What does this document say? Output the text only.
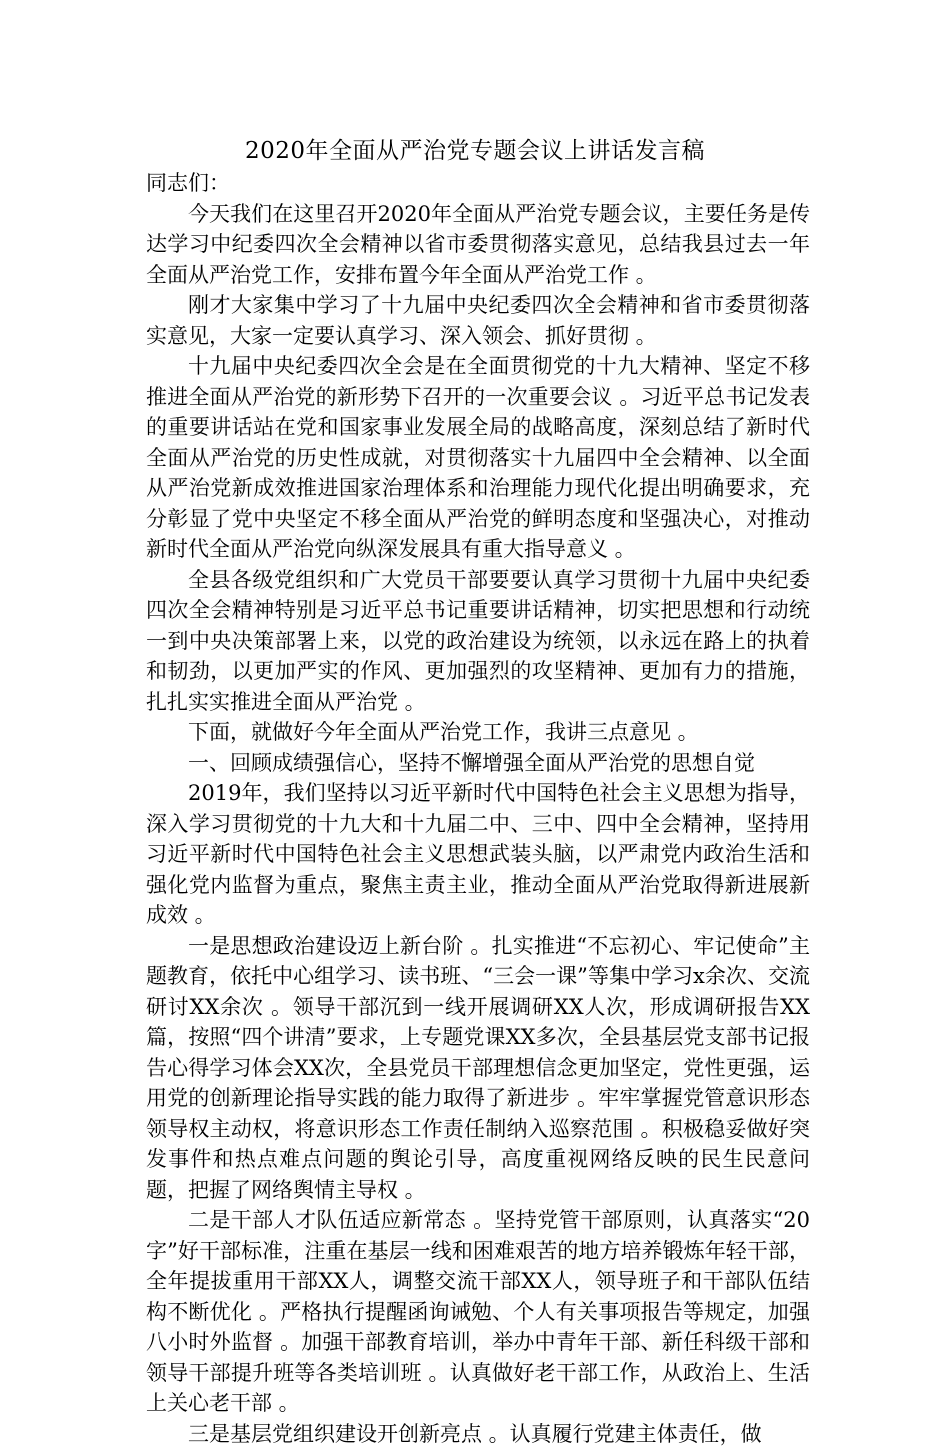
2020年全面从严治党专题会议上讲话发言稿

同志们：

今天我们在这里召开2020年全面从严治党专题会议，主要任务是传达学习中纪委四次全会精神以省市委贯彻落实意见，总结我县过去一年全面从严治党工作，安排布置今年全面从严治党工作 。

刚才大家集中学习了十九届中央纪委四次全会精神和省市委贯彻落实意见，大家一定要认真学习、深入领会、抓好贯彻 。

十九届中央纪委四次全会是在全面贯彻党的十九大精神、坚定不移推进全面从严治党的新形势下召开的一次重要会议 。习近平总书记发表的重要讲话站在党和国家事业发展全局的战略高度，深刻总结了新时代全面从严治党的历史性成就，对贯彻落实十九届四中全会精神、以全面从严治党新成效推进国家治理体系和治理能力现代化提出明确要求，充分彰显了党中央坚定不移全面从严治党的鲜明态度和坚强决心，对推动新时代全面从严治党向纵深发展具有重大指导意义 。

全县各级党组织和广大党员干部要要认真学习贯彻十九届中央纪委四次全会精神特别是习近平总书记重要讲话精神，切实把思想和行动统一到中央决策部署上来，以党的政治建设为统领，以永远在路上的执着和韧劲，以更加严实的作风、更加强烈的攻坚精神、更加有力的措施，扎扎实实推进全面从严治党 。

下面，就做好今年全面从严治党工作，我讲三点意见 。

一、回顾成绩强信心，坚持不懈增强全面从严治党的思想自觉

2019年，我们坚持以习近平新时代中国特色社会主义思想为指导，深入学习贯彻党的十九大和十九届二中、三中、四中全会精神，坚持用习近平新时代中国特色社会主义思想武装头脑，以严肃党内政治生活和强化党内监督为重点，聚焦主责主业，推动全面从严治党取得新进展新成效 。

一是思想政治建设迈上新台阶 。扎实推进“不忘初心、牢记使命”主题教育，依托中心组学习、读书班、“三会一课”等集中学习x余次、交流研讨XX余次 。领导干部沉到一线开展调研XX人次，形成调研报告XX篇，按照“四个讲清”要求，上专题党课XX多次，全县基层党支部书记报告心得学习体会XX次，全县党员干部理想信念更加坚定，党性更强，运用党的创新理论指导实践的能力取得了新进步 。牢牢掌握党管意识形态领导权主动权，将意识形态工作责任制纳入巡察范围 。积极稳妥做好突发事件和热点难点问题的舆论引导，高度重视网络反映的民生民意问题，把握了网络舆情主导权 。

二是干部人才队伍适应新常态 。坚持党管干部原则，认真落实“20字”好干部标准，注重在基层一线和困难艰苦的地方培养锻炼年轻干部，全年提拔重用干部XX人，调整交流干部XX人，领导班子和干部队伍结构不断优化 。严格执行提醒函询诫勉、个人有关事项报告等规定，加强八小时外监督 。加强干部教育培训，举办中青年干部、新任科级干部和领导干部提升班等各类培训班 。认真做好老干部工作，从政治上、生活上关心老干部 。

三是基层党组织建设开创新亮点 。认真履行党建主体责任，做
